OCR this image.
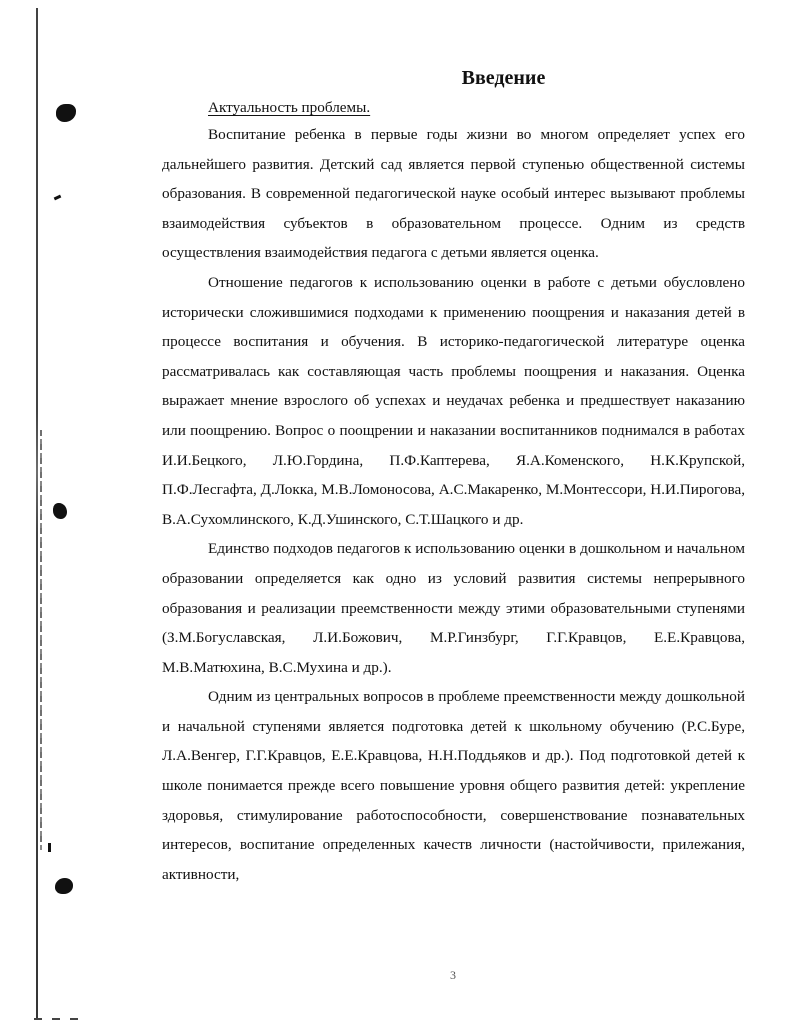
Введение
Актуальность проблемы.

Воспитание ребенка в первые годы жизни во многом определяет успех его дальнейшего развития. Детский сад является первой ступенью общественной системы образования. В современной педагогической науке особый интерес вызывают проблемы взаимодействия субъектов в образовательном процессе. Одним из средств осуществления взаимодействия педагога с детьми является оценка.

Отношение педагогов к использованию оценки в работе с детьми обусловлено исторически сложившимися подходами к применению поощрения и наказания детей в процессе воспитания и обучения. В историко-педагогической литературе оценка рассматривалась как составляющая часть проблемы поощрения и наказания. Оценка выражает мнение взрослого об успехах и неудачах ребенка и предшествует наказанию или поощрению. Вопрос о поощрении и наказании воспитанников поднимался в работах И.И.Бецкого, Л.Ю.Гордина, П.Ф.Каптерева, Я.А.Коменского, Н.К.Крупской, П.Ф.Лесгафта, Д.Локка, М.В.Ломоносова, А.С.Макаренко, М.Монтессори, Н.И.Пирогова, В.А.Сухомлинского, К.Д.Ушинского, С.Т.Шацкого и др.

Единство подходов педагогов к использованию оценки в дошкольном и начальном образовании определяется как одно из условий развития системы непрерывного образования и реализации преемственности между этими образовательными ступенями (З.М.Богуславская, Л.И.Божович, М.Р.Гинзбург, Г.Г.Кравцов, Е.Е.Кравцова, М.В.Матюхина, В.С.Мухина и др.).

Одним из центральных вопросов в проблеме преемственности между дошкольной и начальной ступенями является подготовка детей к школьному обучению (Р.С.Буре, Л.А.Венгер, Г.Г.Кравцов, Е.Е.Кравцова, Н.Н.Поддьяков и др.). Под подготовкой детей к школе понимается прежде всего повышение уровня общего развития детей: укрепление здоровья, стимулирование работоспособности, совершенствование познавательных интересов, воспитание определенных качеств личности (настойчивости, прилежания, активности,

3
